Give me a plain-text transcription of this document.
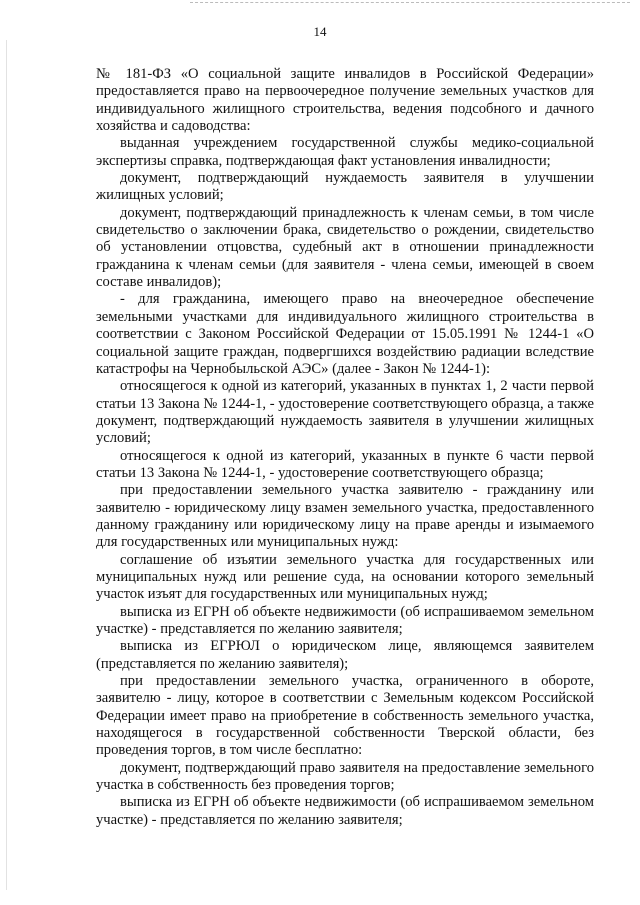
14

№ 181-ФЗ «О социальной защите инвалидов в Российской Федерации» предоставляется право на первоочередное получение земельных участков для индивидуального жилищного строительства, ведения подсобного и дачного хозяйства и садоводства:

выданная учреждением государственной службы медико-социальной экспертизы справка, подтверждающая факт установления инвалидности;

документ, подтверждающий нуждаемость заявителя в улучшении жилищных условий;

документ, подтверждающий принадлежность к членам семьи, в том числе свидетельство о заключении брака, свидетельство о рождении, свидетельство об установлении отцовства, судебный акт в отношении принадлежности гражданина к членам семьи (для заявителя - члена семьи, имеющей в своем составе инвалидов);

- для гражданина, имеющего право на внеочередное обеспечение земельными участками для индивидуального жилищного строительства в соответствии с Законом Российской Федерации от 15.05.1991 № 1244-1 «О социальной защите граждан, подвергшихся воздействию радиации вследствие катастрофы на Чернобыльской АЭС» (далее - Закон № 1244-1):

относящегося к одной из категорий, указанных в пунктах 1, 2 части первой статьи 13 Закона № 1244-1, - удостоверение соответствующего образца, а также документ, подтверждающий нуждаемость заявителя в улучшении жилищных условий;

относящегося к одной из категорий, указанных в пункте 6 части первой статьи 13 Закона № 1244-1, - удостоверение соответствующего образца;

при предоставлении земельного участка заявителю - гражданину или заявителю - юридическому лицу взамен земельного участка, предоставленного данному гражданину или юридическому лицу на праве аренды и изымаемого для государственных или муниципальных нужд:

соглашение об изъятии земельного участка для государственных или муниципальных нужд или решение суда, на основании которого земельный участок изъят для государственных или муниципальных нужд;

выписка из ЕГРН об объекте недвижимости (об испрашиваемом земельном участке) - представляется по желанию заявителя;

выписка из ЕГРЮЛ о юридическом лице, являющемся заявителем (представляется по желанию заявителя);

при предоставлении земельного участка, ограниченного в обороте, заявителю - лицу, которое в соответствии с Земельным кодексом Российской Федерации имеет право на приобретение в собственность земельного участка, находящегося в государственной собственности Тверской области, без проведения торгов, в том числе бесплатно:

документ, подтверждающий право заявителя на предоставление земельного участка в собственность без проведения торгов;

выписка из ЕГРН об объекте недвижимости (об испрашиваемом земельном участке) - представляется по желанию заявителя;
